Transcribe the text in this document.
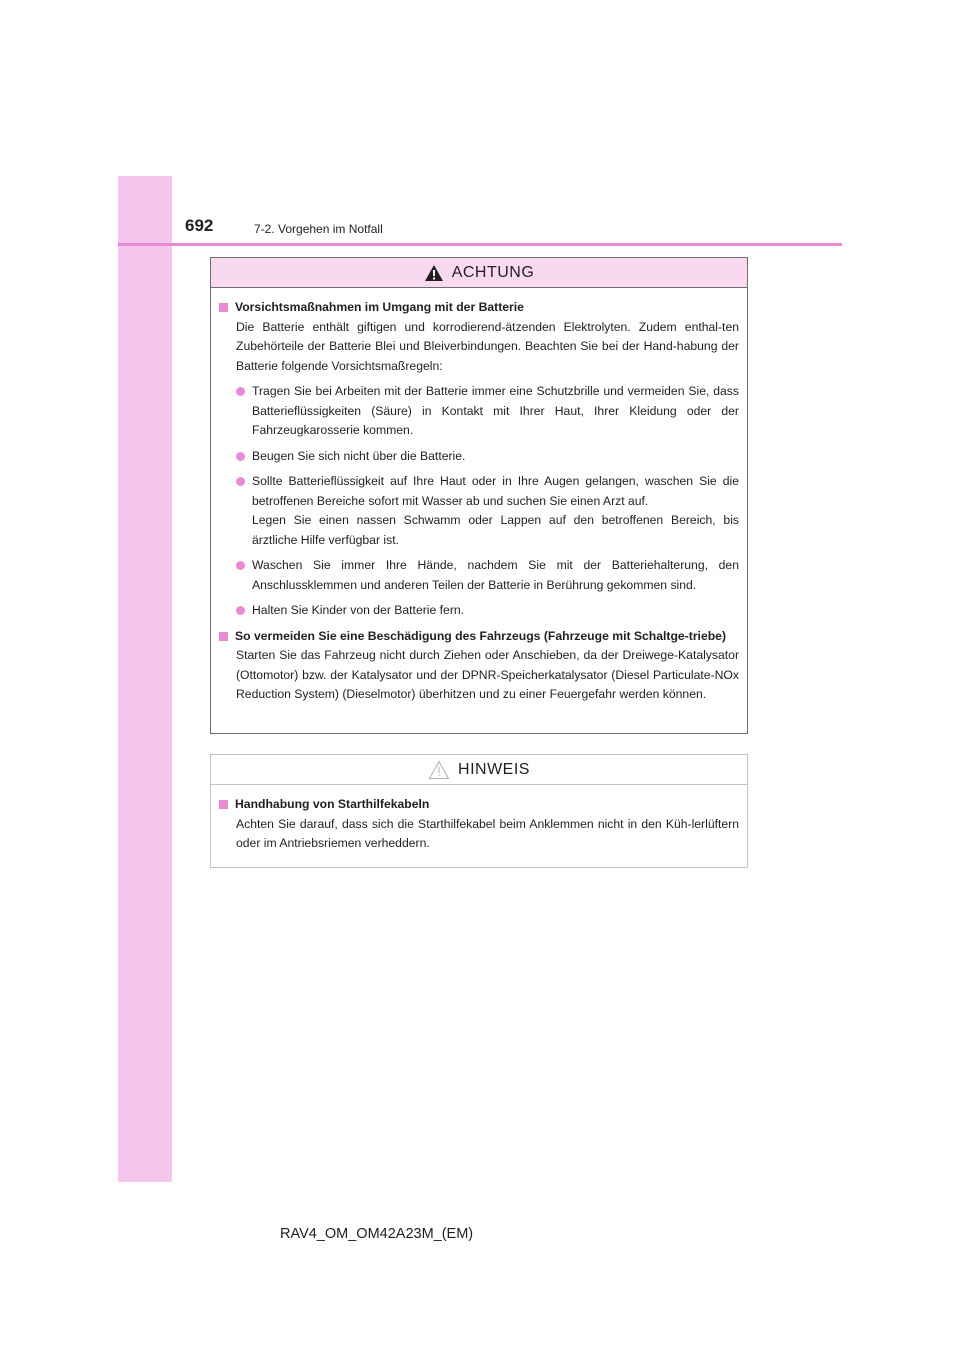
692	7-2. Vorgehen im Notfall
ACHTUNG
Vorsichtsmaßnahmen im Umgang mit der Batterie
Die Batterie enthält giftigen und korrodierend-ätzenden Elektrolyten. Zudem enthal-ten Zubehörteile der Batterie Blei und Bleiverbindungen. Beachten Sie bei der Hand-habung der Batterie folgende Vorsichtsmaßregeln:
Tragen Sie bei Arbeiten mit der Batterie immer eine Schutzbrille und vermeiden Sie, dass Batterieflüssigkeiten (Säure) in Kontakt mit Ihrer Haut, Ihrer Kleidung oder der Fahrzeugkarosserie kommen.
Beugen Sie sich nicht über die Batterie.
Sollte Batterieflüssigkeit auf Ihre Haut oder in Ihre Augen gelangen, waschen Sie die betroffenen Bereiche sofort mit Wasser ab und suchen Sie einen Arzt auf.
Legen Sie einen nassen Schwamm oder Lappen auf den betroffenen Bereich, bis ärztliche Hilfe verfügbar ist.
Waschen Sie immer Ihre Hände, nachdem Sie mit der Batteriehalterung, den Anschlussklemmen und anderen Teilen der Batterie in Berührung gekommen sind.
Halten Sie Kinder von der Batterie fern.
So vermeiden Sie eine Beschädigung des Fahrzeugs (Fahrzeuge mit Schaltge-triebe)
Starten Sie das Fahrzeug nicht durch Ziehen oder Anschieben, da der Dreiwege-Katalysator (Ottomotor) bzw. der Katalysator und der DPNR-Speicherkatalysator (Diesel Particulate-NOx Reduction System) (Dieselmotor) überhitzen und zu einer Feuergefahr werden können.
HINWEIS
Handhabung von Starthilfekabeln
Achten Sie darauf, dass sich die Starthilfekabel beim Anklemmen nicht in den Küh-lerlüftern oder im Antriebsriemen verheddern.
RAV4_OM_OM42A23M_(EM)
